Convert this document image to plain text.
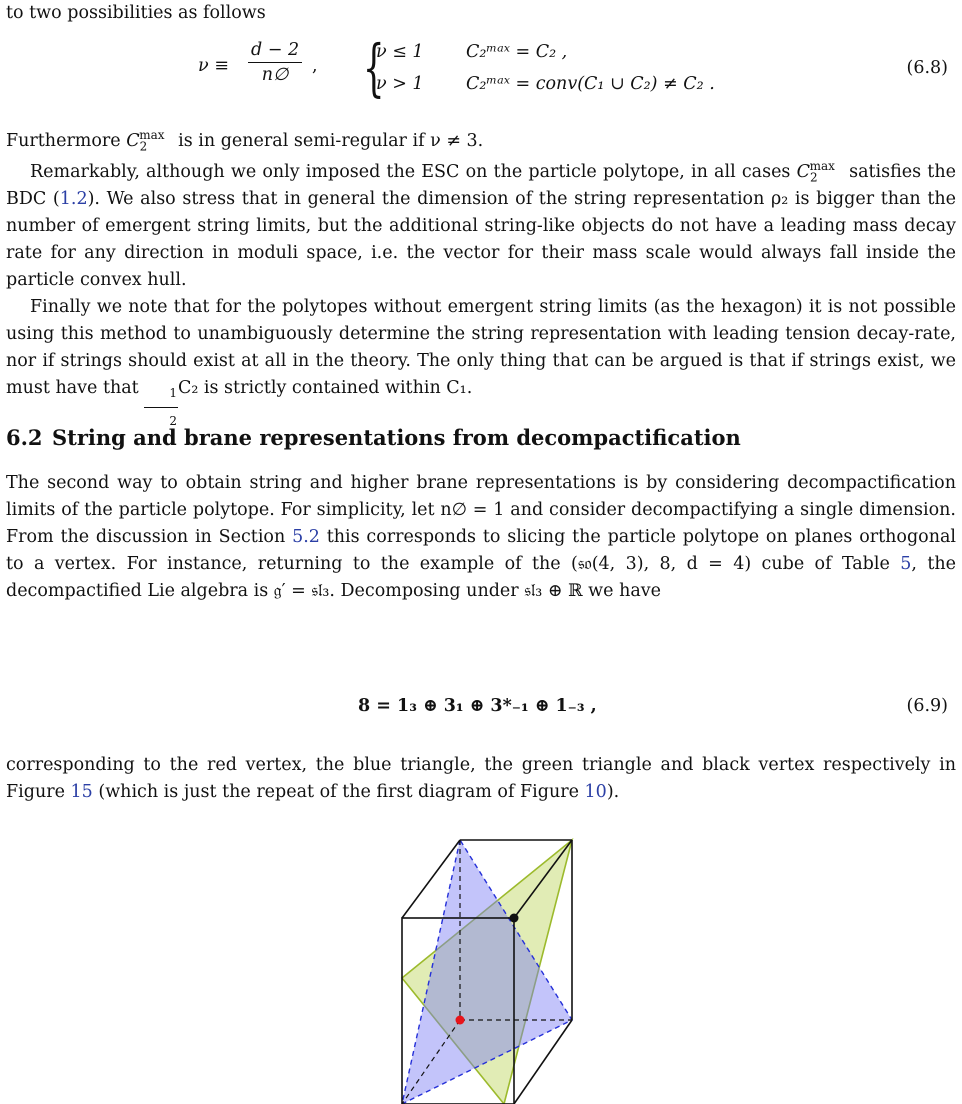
to two possibilities as follows

$\nu \equiv \frac{d - 2}{n\emptyset}$ , {
ν ≤ 1 C₂ᵐᵃˣ = C₂ ,
ν > 1 C₂ᵐᵃˣ = conv(C₁ ∪ C₂) ≠ C₂ .
(6.8)

Furthermore $C_2^{max}$ is in general semi-regular if ν ≠ 3.

Remarkably, although we only imposed the ESC on the particle polytope, in all cases $C_2^{max}$ satisfies the BDC (1.2). We also stress that in general the dimension of the string representation ρ₂ is bigger than the number of emergent string limits, but the additional string-like objects do not have a leading mass decay rate for any direction in moduli space, i.e. the vector for their mass scale would always fall inside the particle convex hull.

Finally we note that for the polytopes without emergent string limits (as the hexagon) it is not possible using this method to unambiguously determine the string representation with leading tension decay-rate, nor if strings should exist at all in the theory. The only thing that can be argued is that if strings exist, we must have that $\frac{1}{2} C_2$ is strictly contained within C₁.

6.2 String and brane representations from decompactification

The second way to obtain string and higher brane representations is by considering decompactification limits of the particle polytope. For simplicity, let n∅ = 1 and consider decompactifying a single dimension. From the discussion in Section 5.2 this corresponds to slicing the particle polytope on planes orthogonal to a vertex. For instance, returning to the example of the (𝔰𝔬(4, 3), 8, d = 4) cube of Table 5, the decompactified Lie algebra is 𝔤′ = 𝔰𝔩₃. Decomposing under 𝔰𝔩₃ ⊕ ℝ we have

𝟖 = 𝟏₃ ⊕ 𝟑₁ ⊕ 𝟑*₋₁ ⊕ 𝟏₋₃ ,	(6.9)

corresponding to the red vertex, the blue triangle, the green triangle and black vertex respectively in Figure 15 (which is just the repeat of the first diagram of Figure 10).
